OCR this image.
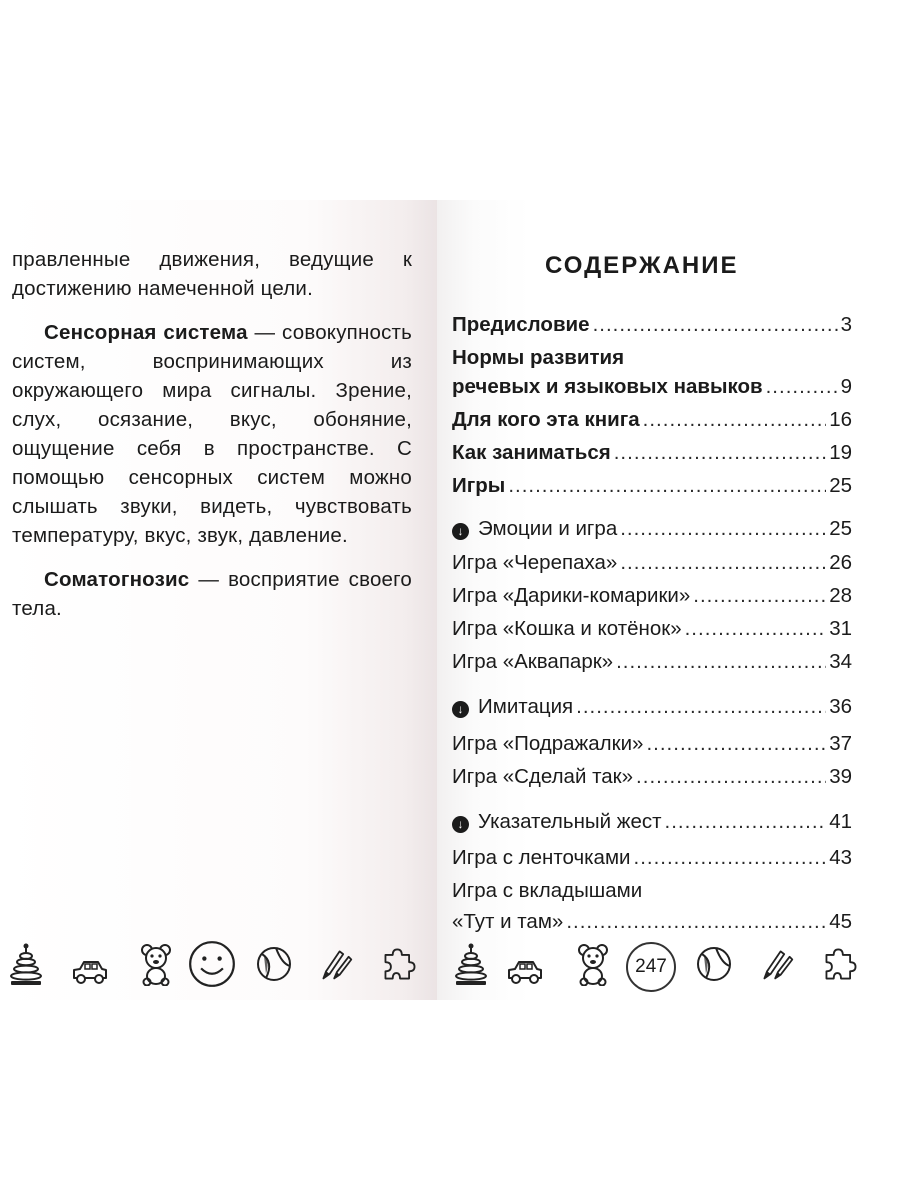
правленные движения, ведущие к достижению намеченной цели.

Сенсорная система — совокупность систем, воспринимающих из окружающего мира сигналы. Зрение, слух, осязание, вкус, обоняние, ощущение себя в пространстве. С помощью сенсорных систем можно слышать звуки, видеть, чувствовать температуру, вкус, звук, давление.

Соматогнозис — восприятие своего тела.

СОДЕРЖАНИЕ
Предисловие .....	3
Нормы развития
речевых и языковых навыков .....	9
Для кого эта книга .....	16
Как заниматься .....	19
Игры .....	25
↓ Эмоции и игра .....	25
Игра «Черепаха» .....	26
Игра «Дарики-комарики» .....	28
Игра «Кошка и котёнок» .....	31
Игра «Аквапарк» .....	34
↓ Имитация .....	36
Игра «Подражалки» .....	37
Игра «Сделай так» .....	39
↓ Указательный жест .....	41
Игра с ленточками .....	43
Игра с вкладышами
«Тут и там» .....	45
247
